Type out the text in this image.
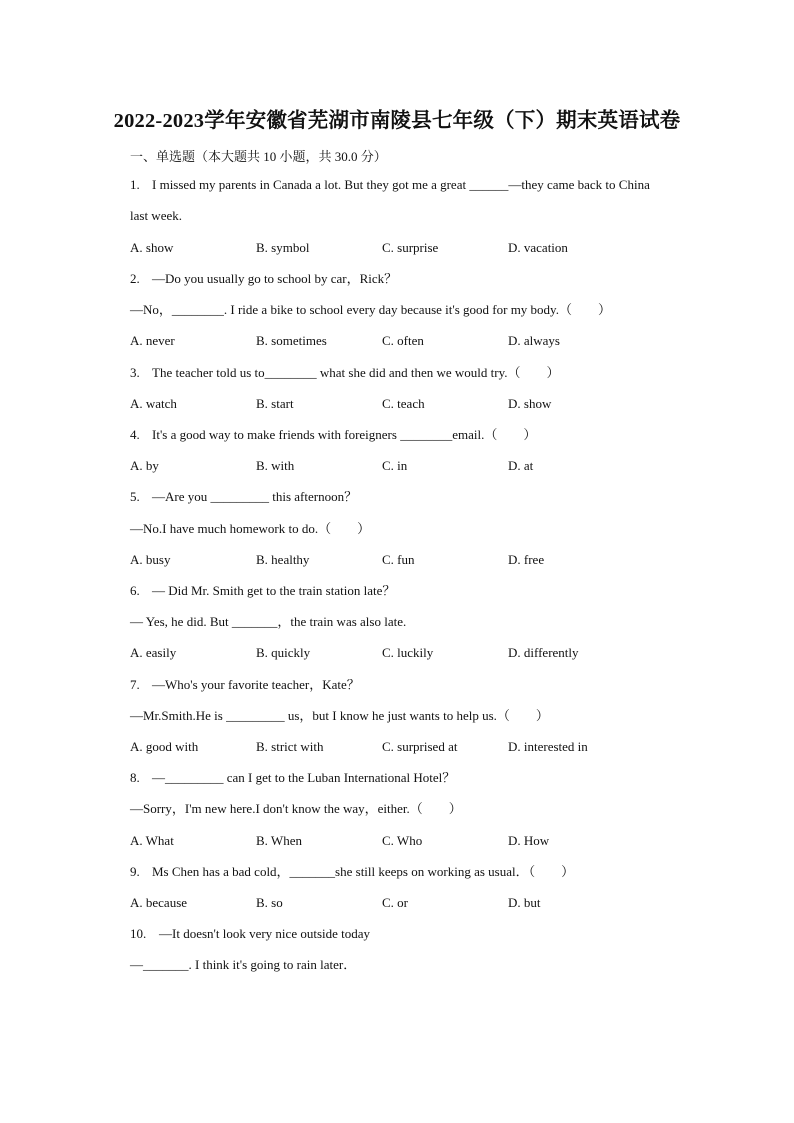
2022-2023学年安徽省芜湖市南陵县七年级（下）期末英语试卷
一、单选题（本大题共 10 小题，共 30.0 分）
1. I missed my parents in Canada a lot. But they got me a great ______—they came back to China
last week.
A. show	B. symbol	C. surprise	D. vacation
2. —Do you usually go to school by car，Rick？
—No，________. I ride a bike to school every day because it's good for my body.（　　）
A. never	B. sometimes	C. often	D. always
3. The teacher told us to________ what she did and then we would try.（　　）
A. watch	B. start	C. teach	D. show
4. It's a good way to make friends with foreigners ________email.（　　）
A. by	B. with	C. in	D. at
5. —Are you _________ this afternoon？
—No.I have much homework to do.（　　）
A. busy	B. healthy	C. fun	D. free
6. — Did Mr. Smith get to the train station late？
— Yes, he did. But _______，the train was also late.
A. easily	B. quickly	C. luckily	D. differently
7. —Who's your favorite teacher，Kate？
—Mr.Smith.He is _________ us，but I know he just wants to help us.（　　）
A. good with	B. strict with	C. surprised at	D. interested in
8. —_________ can I get to the Luban International Hotel？
—Sorry，I'm new here.I don't know the way，either.（　　）
A. What	B. When	C. Who	D. How
9. Ms Chen has a bad cold，_______she still keeps on working as usual．（　　）
A. because	B. so	C. or	D. but
10. —It doesn't look very nice outside today
—_______. I think it's going to rain later．
